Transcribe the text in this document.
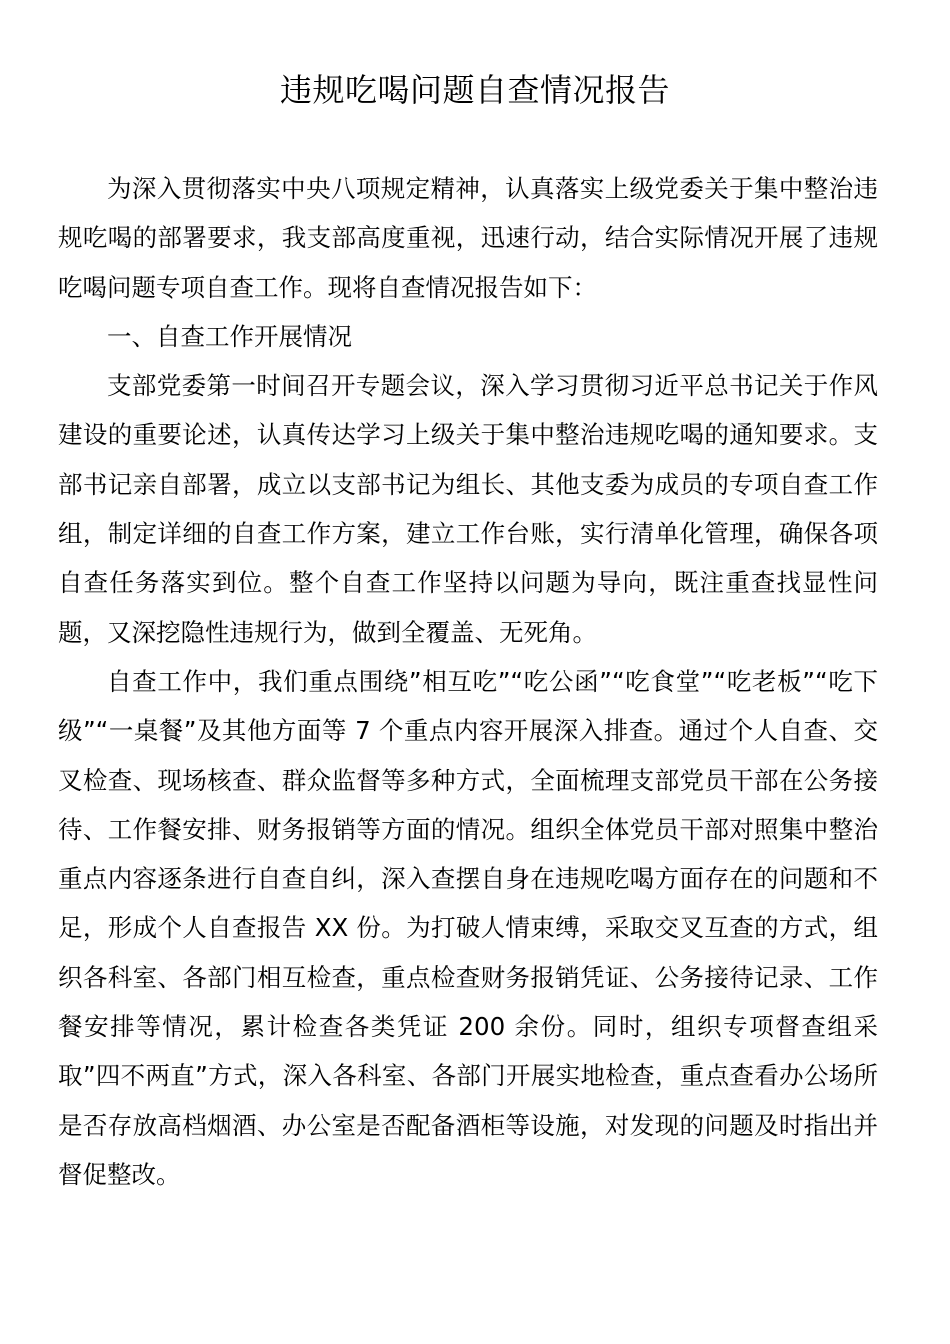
违规吃喝问题自查情况报告

为深入贯彻落实中央八项规定精神，认真落实上级党委关于集中整治违规吃喝的部署要求，我支部高度重视，迅速行动，结合实际情况开展了违规吃喝问题专项自查工作。现将自查情况报告如下：

一、自查工作开展情况

支部党委第一时间召开专题会议，深入学习贯彻习近平总书记关于作风建设的重要论述，认真传达学习上级关于集中整治违规吃喝的通知要求。支部书记亲自部署，成立以支部书记为组长、其他支委为成员的专项自查工作组，制定详细的自查工作方案，建立工作台账，实行清单化管理，确保各项自查任务落实到位。整个自查工作坚持以问题为导向，既注重查找显性问题，又深挖隐性违规行为，做到全覆盖、无死角。

自查工作中，我们重点围绕”相互吃”“吃公函”“吃食堂”“吃老板”“吃下级”“一桌餐”及其他方面等 7 个重点内容开展深入排查。通过个人自查、交叉检查、现场核查、群众监督等多种方式，全面梳理支部党员干部在公务接待、工作餐安排、财务报销等方面的情况。组织全体党员干部对照集中整治重点内容逐条进行自查自纠，深入查摆自身在违规吃喝方面存在的问题和不足，形成个人自查报告 XX 份。为打破人情束缚，采取交叉互查的方式，组织各科室、各部门相互检查，重点检查财务报销凭证、公务接待记录、工作餐安排等情况，累计检查各类凭证 200 余份。同时，组织专项督查组采取”四不两直”方式，深入各科室、各部门开展实地检查，重点查看办公场所是否存放高档烟酒、办公室是否配备酒柜等设施，对发现的问题及时指出并督促整改。
